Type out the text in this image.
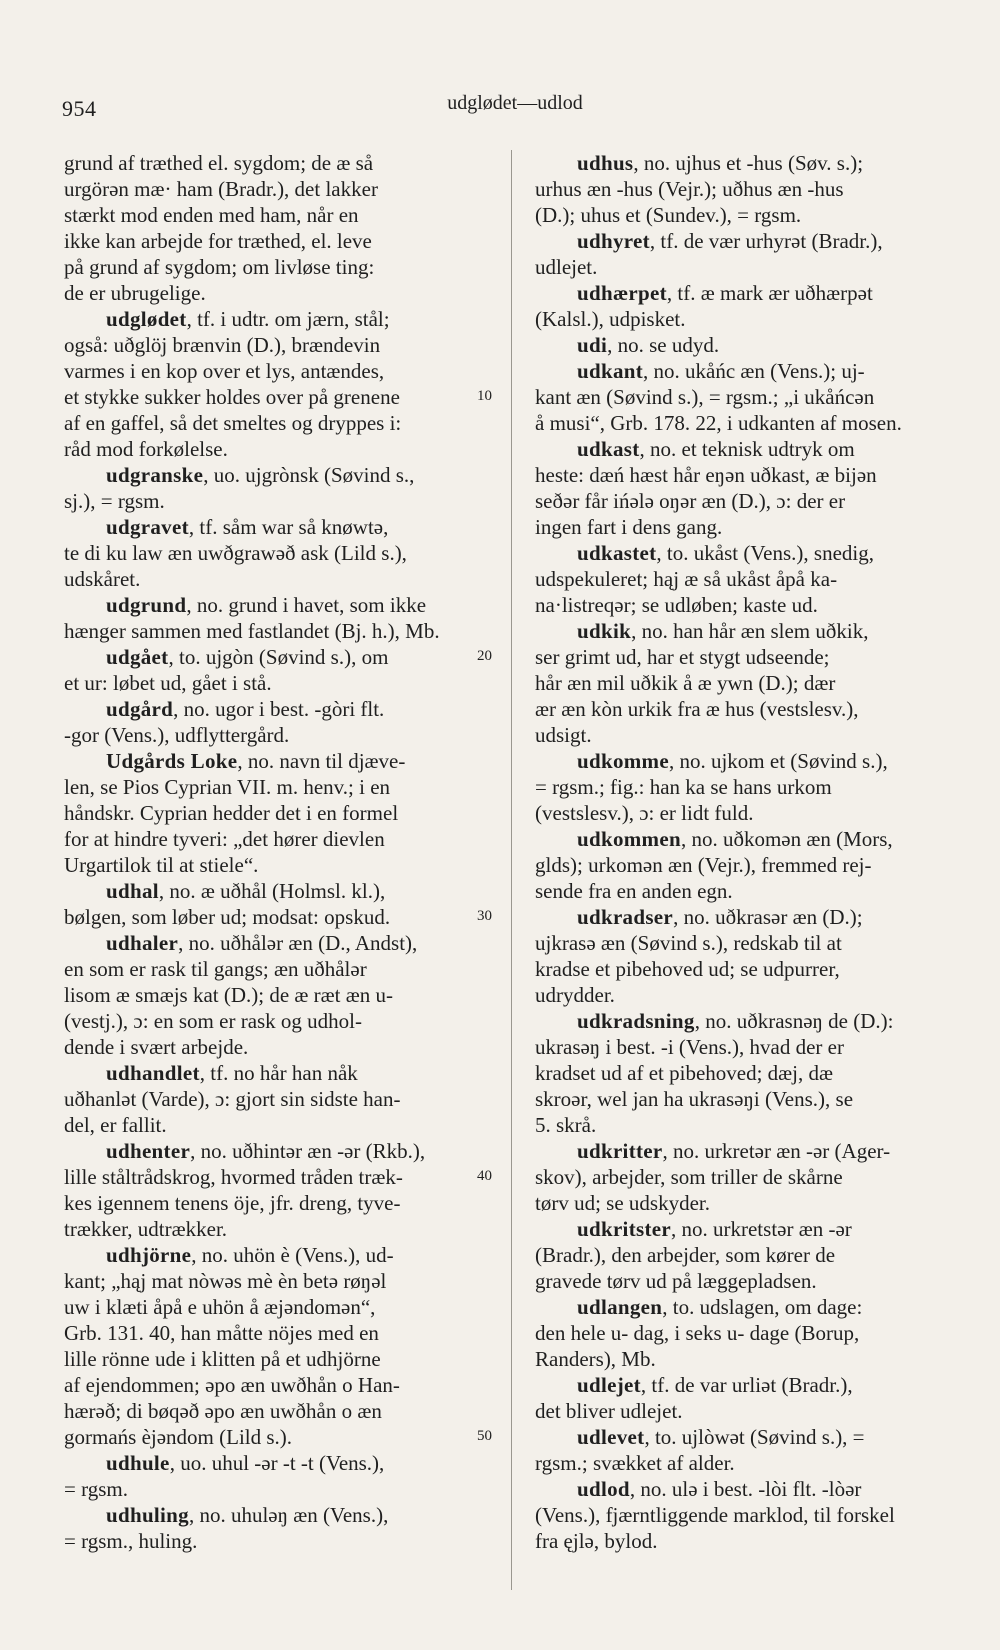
954	udglødet—udlod
grund af træthed el. sygdom; de æ så
urgörən mæ· ham (Bradr.), det lakker
stærkt mod enden med ham, når en
ikke kan arbejde for træthed, el. leve
på grund af sygdom; om livløse ting:
de er ubrugelige.
udglødet, tf. i udtr. om jærn, stål;
også: uðglöj brænvin (D.), brændevin
varmes i en kop over et lys, antændes,
et stykke sukker holdes over på grenene
af en gaffel, så det smeltes og dryppes i:
råd mod forkølelse.
udgranske, uo. ujgrònsk (Søvind s.,
sj.), = rgsm.
udgravet, tf. såm war så knøwtə,
te di ku law æn uwðgrawəð ask (Lild s.),
udskåret.
udgrund, no. grund i havet, som ikke
hænger sammen med fastlandet (Bj. h.), Mb.
udgået, to. ujgòn (Søvind s.), om
et ur: løbet ud, gået i stå.
udgård, no. ugor i best. -gòri flt.
-gor (Vens.), udflyttergård.
Udgårds Loke, no. navn til djæve-
len, se Pios Cyprian VII. m. henv.; i en
håndskr. Cyprian hedder det i en formel
for at hindre tyveri: „det hører dievlen
Urgartilok til at stiele“.
udhal, no. æ uðhål (Holmsl. kl.),
bølgen, som løber ud; modsat: opskud.
udhaler, no. uðhålər æn (D., Andst),
en som er rask til gangs; æn uðhålər
lisom æ smæjs kat (D.); de æ ræt æn u-
(vestj.), ɔ: en som er rask og udhol-
dende i svært arbejde.
udhandlet, tf. no hår han nåk
uðhanlət (Varde), ɔ: gjort sin sidste han-
del, er fallit.
udhenter, no. uðhintər æn -ər (Rkb.),
lille ståltrådskrog, hvormed tråden træk-
kes igennem tenens öje, jfr. dreng, tyve-
trækker, udtrækker.
udhjörne, no. uhön è (Vens.), ud-
kant; „hąj mat nòwəs mè èn betə røŋəl
uw i klæti åpå e uhön å æjəndomən“,
Grb. 131. 40, han måtte nöjes med en
lille rönne ude i klitten på et udhjörne
af ejendommen; əpo æn uwðhån o Han-
hærəð; di bøqəð əpo æn uwðhån o æn
gormańs èjəndom (Lild s.).
udhule, uo. uhul -ər -t -t (Vens.),
= rgsm.
udhuling, no. uhuləŋ æn (Vens.),
= rgsm., huling.
udhus, no. ujhus et -hus (Søv. s.);
urhus æn -hus (Vejr.); uðhus æn -hus
(D.); uhus et (Sundev.), = rgsm.
udhyret, tf. de vær urhyrət (Bradr.),
udlejet.
udhærpet, tf. æ mark ær uðhærpət
(Kalsl.), udpisket.
udi, no. se udyd.
udkant, no. ukåńc æn (Vens.); uj-
kant æn (Søvind s.), = rgsm.; „i ukåńcən
å musi“, Grb. 178. 22, i udkanten af mosen.
udkast, no. et teknisk udtryk om
heste: dæń hæst hår eŋən uðkast, æ bijən
seðər får ińələ oŋər æn (D.), ɔ: der er
ingen fart i dens gang.
udkastet, to. ukåst (Vens.), snedig,
udspekuleret; hąj æ så ukåst åpå ka-
na·listreqər; se udløben; kaste ud.
udkik, no. han hår æn slem uðkik,
ser grimt ud, har et stygt udseende;
hår æn mil uðkik å æ ywn (D.); dær
ær æn kòn urkik fra æ hus (vestslesv.),
udsigt.
udkomme, no. ujkom et (Søvind s.),
= rgsm.; fig.: han ka se hans urkom
(vestslesv.), ɔ: er lidt fuld.
udkommen, no. uðkomən æn (Mors,
glds); urkomən æn (Vejr.), fremmed rej-
sende fra en anden egn.
udkradser, no. uðkrasər æn (D.);
ujkrasə æn (Søvind s.), redskab til at
kradse et pibehoved ud; se udpurrer,
udrydder.
udkradsning, no. uðkrasnəŋ de (D.):
ukrasəŋ i best. -i (Vens.), hvad der er
kradset ud af et pibehoved; dæj, dæ
skroər, wel jan ha ukrasəŋi (Vens.), se
5. skrå.
udkritter, no. urkretər æn -ər (Ager-
skov), arbejder, som triller de skårne
tørv ud; se udskyder.
udkritster, no. urkretstər æn -ər
(Bradr.), den arbejder, som kører de
gravede tørv ud på læggepladsen.
udlangen, to. udslagen, om dage:
den hele u- dag, i seks u- dage (Borup,
Randers), Mb.
udlejet, tf. de var urliət (Bradr.),
det bliver udlejet.
udlevet, to. ujlòwət (Søvind s.), =
rgsm.; svækket af alder.
udlod, no. ulə i best. -lòi flt. -lòər
(Vens.), fjærntliggende marklod, til forskel
fra ęjlə, bylod.
10
20
30
40
50
